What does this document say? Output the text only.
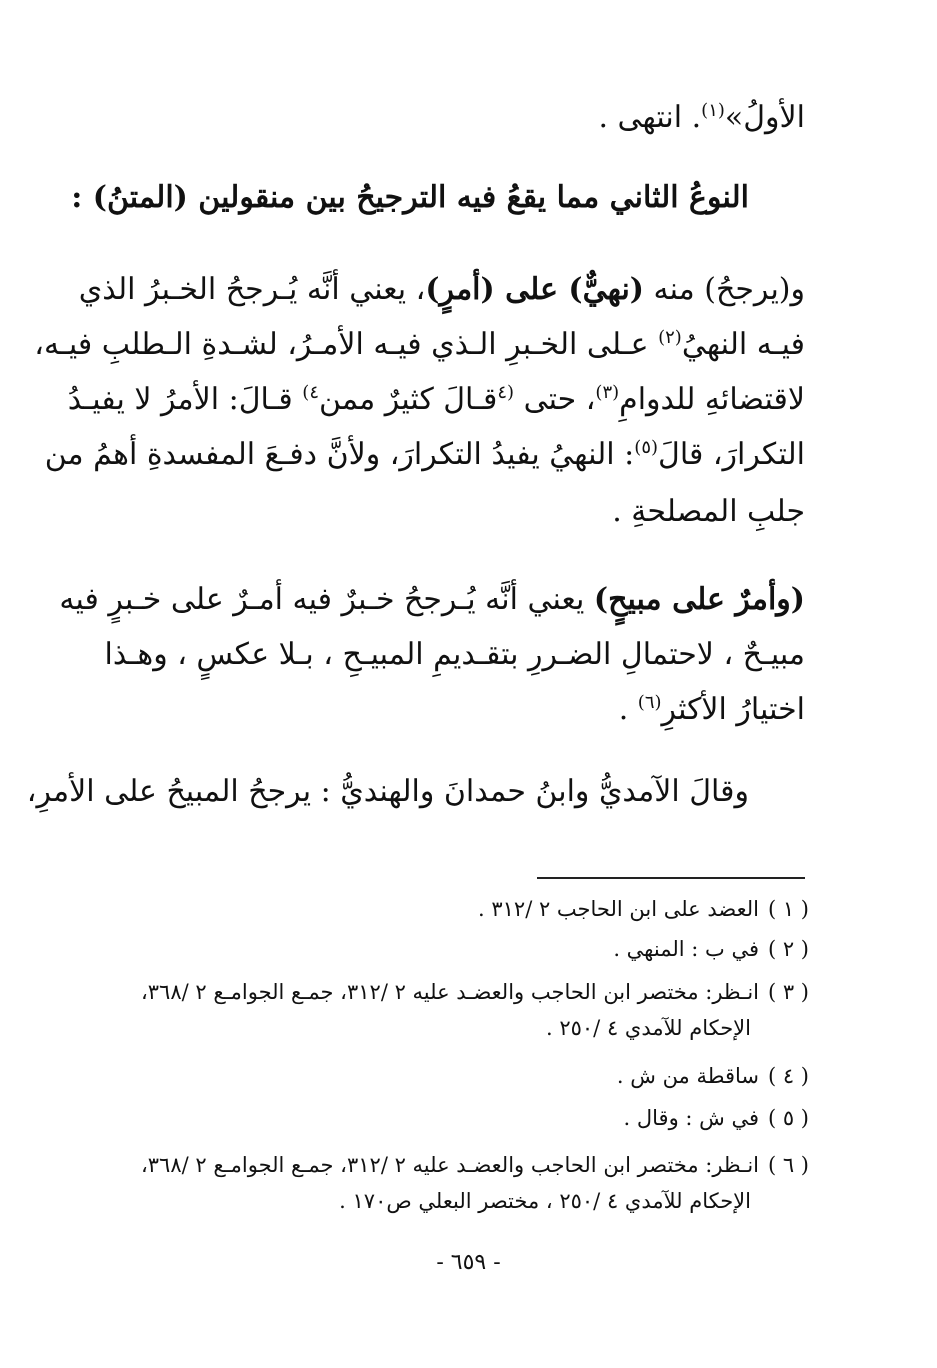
الأولُ»$^{(١)}$. انتهى .
النوعُ الثاني مما يقعُ فيه الترجيحُ بين منقولين (المتنُ) :
و(يرجحُ) منه (نهيٌّ) على (أمرٍ)، يعني أنَّه يُـرجحُ الخـبرُ الذي
فيـه النهيُ$^{(٢)}$ عـلى الخـبرِ الـذي فيـه الأمـرُ، لشـدةِ الـطلبِ فيـه،
لاقتضائهِ للدوامِ$^{(٣)}$، حتى $^{(٤}$قـالَ كثيرٌ ممن$^{٤)}$ قـالَ: الأمرُ لا يفيـدُ
التكرارَ، قالَ$^{(٥)}$: النهيُ يفيدُ التكرارَ، ولأنَّ دفـعَ المفسدةِ أهمُ من
جلبِ المصلحةِ .
(وأمرٌ على مبيحٍ) يعني أنَّه يُـرجحُ خـبرٌ فيه أمـرٌ على خـبرٍ فيه
مبيـحٌ ، لاحتمالِ الضـررِ بتقـديمِ المبيـحِ ، بـلا عكسٍ ، وهـذا
اختيارُ الأكثرِ$^{(٦)}$ .
وقالَ الآمديُّ وابنُ حمدانَ والهنديُّ : يرجحُ المبيحُ على الأمرِ،
( ١ )العضد على ابن الحاجب ٢ /٣١٢ .
( ٢ )في ب : المنهي .
( ٣ )انـظر: مختصر ابن الحاجب والعضـد عليه ٢ /٣١٢، جمـع الجوامـع ٢ /٣٦٨،
الإحكام للآمدي ٤ /٢٥٠ .
( ٤ )ساقطة من ش .
( ٥ )في ش : وقال .
( ٦ )انـظر: مختصر ابن الحاجب والعضـد عليه ٢ /٣١٢، جمـع الجوامـع ٢ /٣٦٨،
الإحكام للآمدي ٤ /٢٥٠ ، مختصر البعلي ص١٧٠ .
- ٦٥٩ -
